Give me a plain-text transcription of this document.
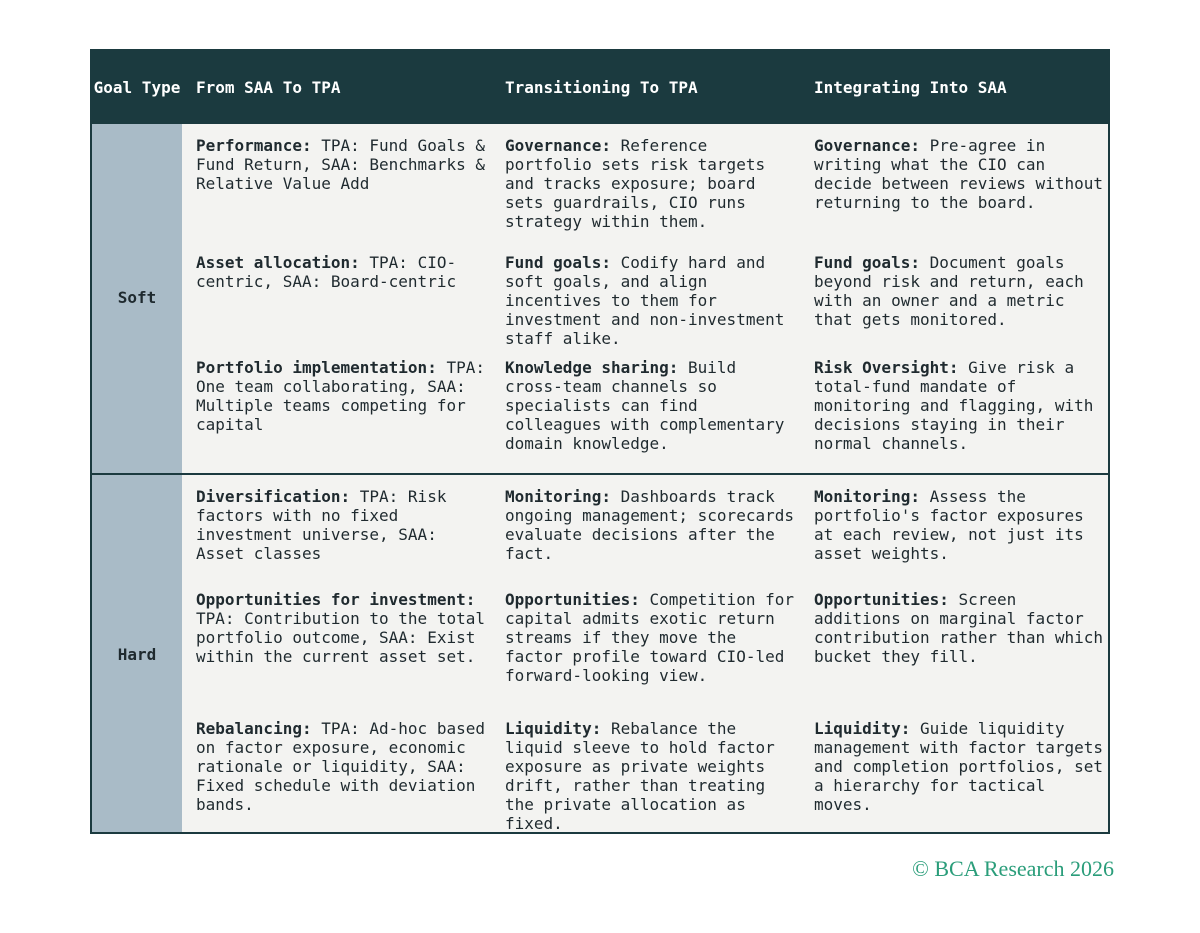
Goal Type From SAA To TPA	Transitioning To TPA	Integrating Into SAA
Soft
Hard
Performance: TPA: Fund Goals & Fund Return, SAA: Benchmarks & Relative Value Add
Governance: Reference portfolio sets risk targets and tracks exposure; board sets guardrails, CIO runs strategy within them.
Governance: Pre-agree in writing what the CIO can decide between reviews without returning to the board.
Asset allocation: TPA: CIO-centric, SAA: Board-centric
Fund goals: Codify hard and soft goals, and align incentives to them for investment and non-investment staff alike.
Fund goals: Document goals beyond risk and return, each with an owner and a metric that gets monitored.
Portfolio implementation: TPA: One team collaborating, SAA: Multiple teams competing for capital
Knowledge sharing: Build cross-team channels so specialists can find colleagues with complementary domain knowledge.
Risk Oversight: Give risk a total-fund mandate of monitoring and flagging, with decisions staying in their normal channels.
Diversification: TPA: Risk factors with no fixed investment universe, SAA: Asset classes
Monitoring: Dashboards track ongoing management; scorecards evaluate decisions after the fact.
Monitoring: Assess the portfolio's factor exposures at each review, not just its asset weights.
Opportunities for investment: TPA: Contribution to the total portfolio outcome, SAA: Exist within the current asset set.
Opportunities: Competition for capital admits exotic return streams if they move the factor profile toward CIO-led forward-looking view.
Opportunities: Screen additions on marginal factor contribution rather than which bucket they fill.
Rebalancing: TPA: Ad-hoc based on factor exposure, economic rationale or liquidity, SAA: Fixed schedule with deviation bands.
Liquidity: Rebalance the liquid sleeve to hold factor exposure as private weights drift, rather than treating the private allocation as fixed.
Liquidity: Guide liquidity management with factor targets and completion portfolios, set a hierarchy for tactical moves.
© BCA Research 2026
